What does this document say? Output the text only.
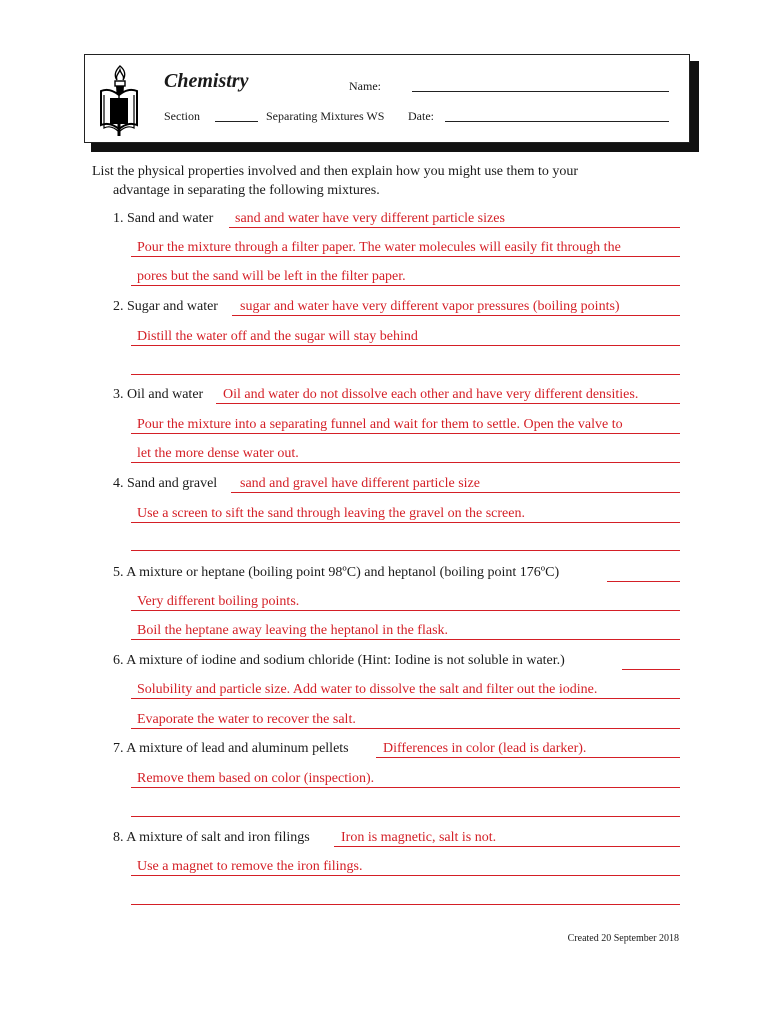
Chemistry	Name:
Section	Separating Mixtures WS Date:
List the physical properties involved and then explain how you might use them to your
advantage in separating the following mixtures.
1. Sand and water sand and water have very different particle sizes
Pour the mixture through a filter paper. The water molecules will easily fit through the
pores but the sand will be left in the filter paper.
2. Sugar and water sugar and water have very different vapor pressures (boiling points)
Distill the water off and the sugar will stay behind
3. Oil and water Oil and water do not dissolve each other and have very different densities.
Pour the mixture into a separating funnel and wait for them to settle. Open the valve to
let the more dense water out.
4. Sand and gravel sand and gravel have different particle size
Use a screen to sift the sand through leaving the gravel on the screen.
5. A mixture or heptane (boiling point 98ºC) and heptanol (boiling point 176ºC)
Very different boiling points.
Boil the heptane away leaving the heptanol in the flask.
6. A mixture of iodine and sodium chloride (Hint: Iodine is not soluble in water.)
Solubility and particle size. Add water to dissolve the salt and filter out the iodine.
Evaporate the water to recover the salt.
7. A mixture of lead and aluminum pellets Differences in color (lead is darker).
Remove them based on color (inspection).
8. A mixture of salt and iron filings Iron is magnetic, salt is not.
Use a magnet to remove the iron filings.
Created 20 September 2018
